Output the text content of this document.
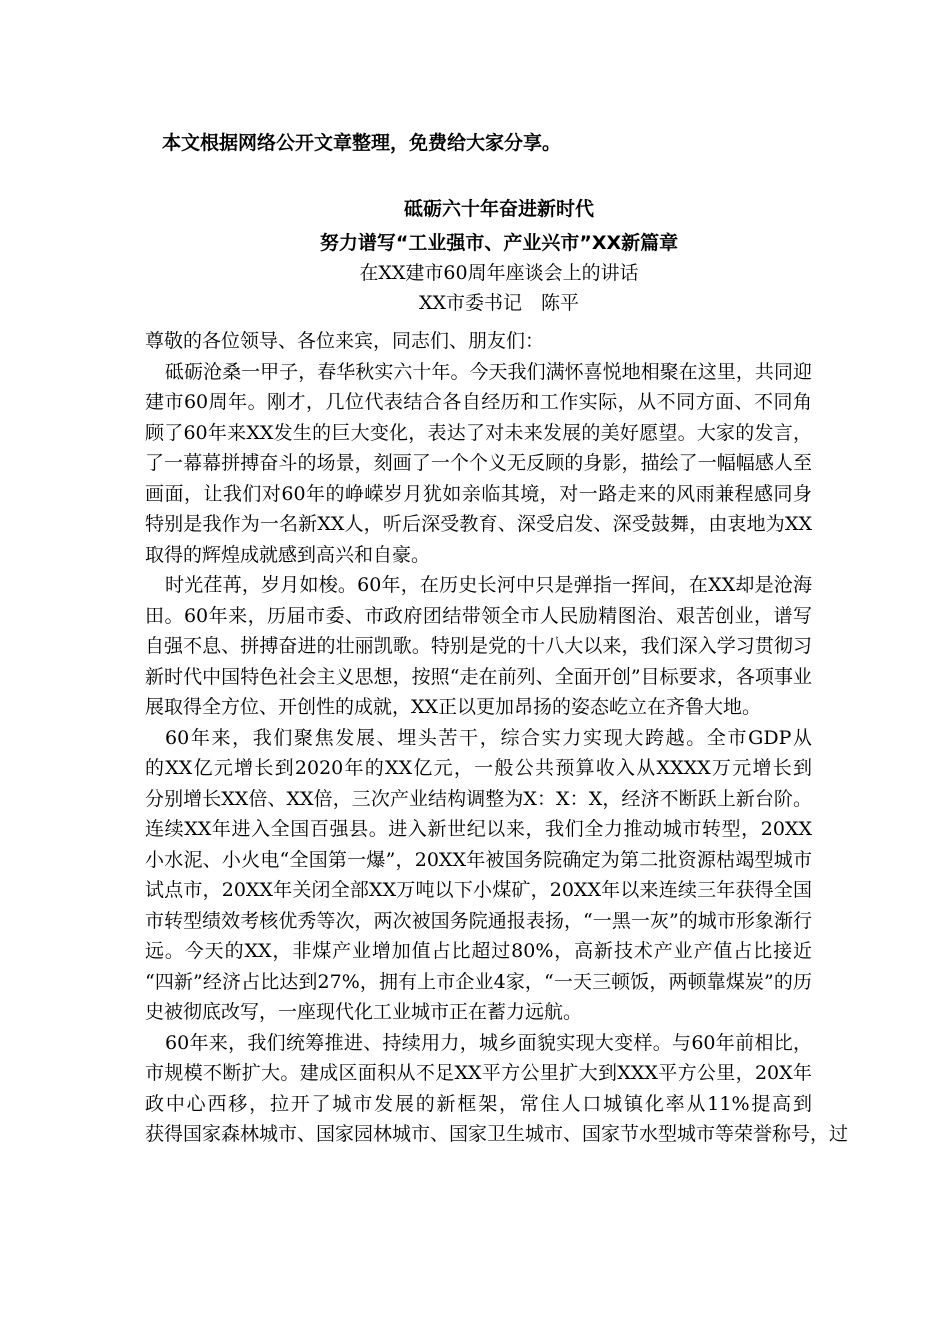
本文根据网络公开文章整理，免费给大家分享。
砥砺六十年奋进新时代
努力谱写“工业强市、产业兴市”XX新篇章
在XX建市60周年座谈会上的讲话
XX市委书记　陈平
尊敬的各位领导、各位来宾，同志们、朋友们：
砥砺沧桑一甲子，春华秋实六十年。今天我们满怀喜悦地相聚在这里，共同迎
建市60周年。刚才，几位代表结合各自经历和工作实际，从不同方面、不同角
顾了60年来XX发生的巨大变化，表达了对未来发展的美好愿望。大家的发言，
了一幕幕拼搏奋斗的场景，刻画了一个个义无反顾的身影，描绘了一幅幅感人至
画面，让我们对60年的峥嵘岁月犹如亲临其境，对一路走来的风雨兼程感同身
特别是我作为一名新XX人，听后深受教育、深受启发、深受鼓舞，由衷地为XX
取得的辉煌成就感到高兴和自豪。
时光荏苒，岁月如梭。60年，在历史长河中只是弹指一挥间，在XX却是沧海
田。60年来，历届市委、市政府团结带领全市人民励精图治、艰苦创业，谱写
自强不息、拼搏奋进的壮丽凯歌。特别是党的十八大以来，我们深入学习贯彻习
新时代中国特色社会主义思想，按照“走在前列、全面开创”目标要求，各项事业
展取得全方位、开创性的成就，XX正以更加昂扬的姿态屹立在齐鲁大地。
60年来，我们聚焦发展、埋头苦干，综合实力实现大跨越。全市GDP从
的XX亿元增长到2020年的XX亿元，一般公共预算收入从XXXX万元增长到
分别增长XX倍、XX倍，三次产业结构调整为X：X：X，经济不断跃上新台阶。
连续XX年进入全国百强县。进入新世纪以来，我们全力推动城市转型，20XX
小水泥、小火电“全国第一爆”，20XX年被国务院确定为第二批资源枯竭型城市
试点市，20XX年关闭全部XX万吨以下小煤矿，20XX年以来连续三年获得全国
市转型绩效考核优秀等次，两次被国务院通报表扬，“一黑一灰”的城市形象渐行
远。今天的XX，非煤产业增加值占比超过80%，高新技术产业产值占比接近
“四新”经济占比达到27%，拥有上市企业4家，“一天三顿饭，两顿靠煤炭”的历
史被彻底改写，一座现代化工业城市正在蓄力远航。
60年来，我们统筹推进、持续用力，城乡面貌实现大变样。与60年前相比，
市规模不断扩大。建成区面积从不足XX平方公里扩大到XXX平方公里，20X年
政中心西移，拉开了城市发展的新框架，常住人口城镇化率从11%提高到
获得国家森林城市、国家园林城市、国家卫生城市、国家节水型城市等荣誉称号，过
